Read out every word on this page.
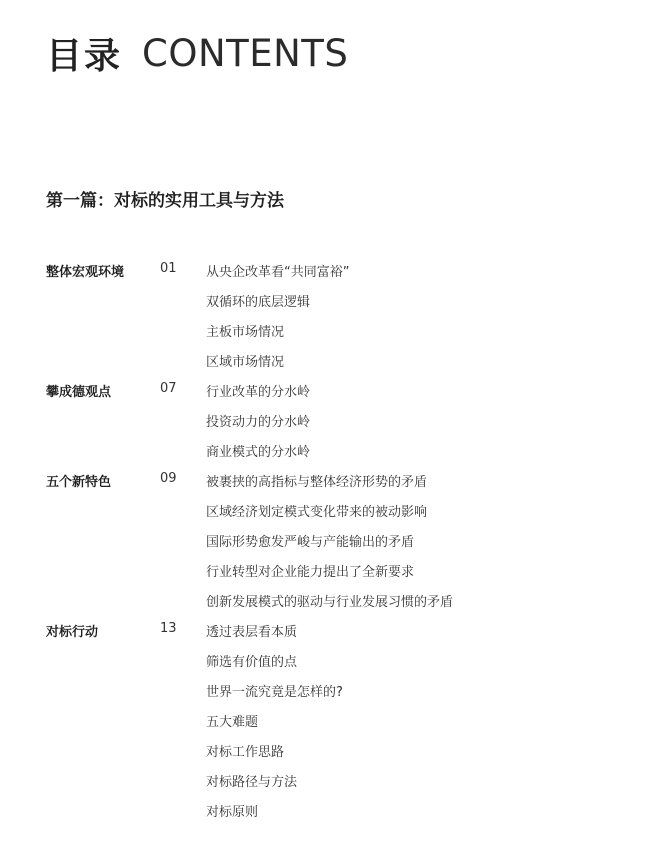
目录 CONTENTS
第一篇：对标的实用工具与方法
整体宏观环境	01 从央企改革看“共同富裕”
双循环的底层逻辑
主板市场情况
区域市场情况
攀成德观点	07 行业改革的分水岭
投资动力的分水岭
商业模式的分水岭
五个新特色	09 被裹挟的高指标与整体经济形势的矛盾
区域经济划定模式变化带来的被动影响
国际形势愈发严峻与产能输出的矛盾
行业转型对企业能力提出了全新要求
创新发展模式的驱动与行业发展习惯的矛盾
对标行动	13 透过表层看本质
筛选有价值的点
世界一流究竟是怎样的?
五大难题
对标工作思路
对标路径与方法
对标原则
